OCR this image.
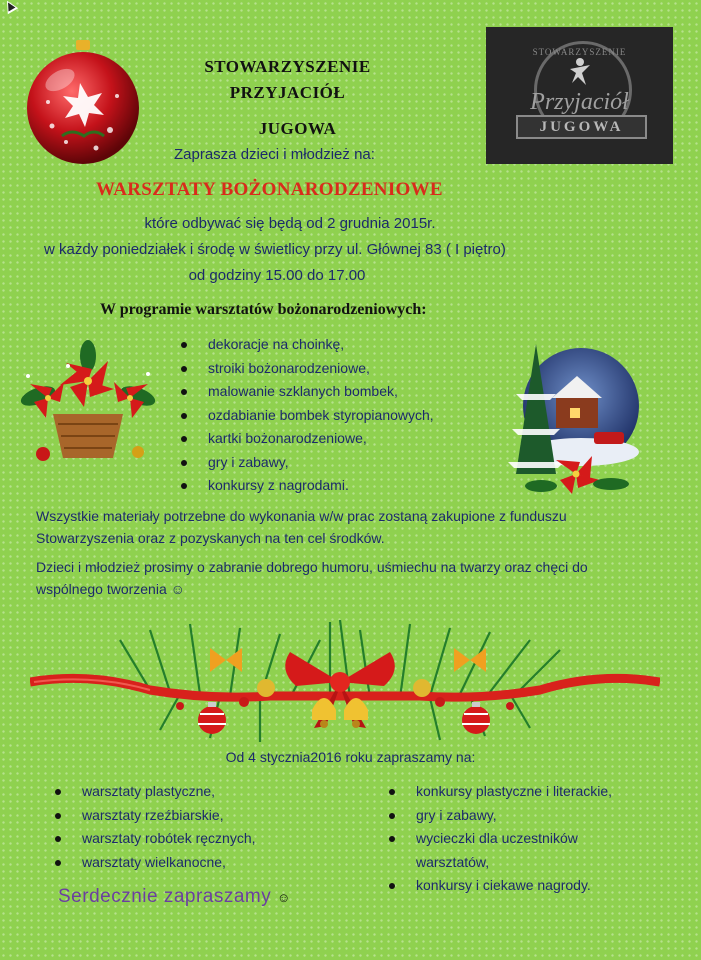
STOWARZYSZENIE
PRZYJACIÓŁ
JUGOWA
Zaprasza dzieci i młodzież na:
STOWARZYSZENIE
Przyjaciół
JUGOWA
WARSZTATY BOŻONARODZENIOWE
które odbywać się będą od 2 grudnia 2015r.
w każdy poniedziałek i środę w świetlicy przy ul. Głównej 83 ( I piętro)
od godziny 15.00 do 17.00
W programie warsztatów bożonarodzeniowych:
dekoracje na choinkę,
stroiki bożonarodzeniowe,
malowanie szklanych bombek,
ozdabianie bombek styropianowych,
kartki bożonarodzeniowe,
gry i zabawy,
konkursy z nagrodami.
Wszystkie materiały potrzebne do wykonania w/w prac zostaną zakupione z funduszu Stowarzyszenia oraz z pozyskanych na ten cel środków.
Dzieci i młodzież prosimy o zabranie dobrego humoru, uśmiechu na twarzy oraz chęci do wspólnego tworzenia ☺
Od 4 stycznia2016 roku zapraszamy na:
warsztaty plastyczne,
warsztaty rzeźbiarskie,
warsztaty robótek ręcznych,
warsztaty wielkanocne,
konkursy plastyczne i literackie,
gry i zabawy,
wycieczki dla uczestników warsztatów,
konkursy i ciekawe nagrody.
Serdecznie zapraszamy ☺
